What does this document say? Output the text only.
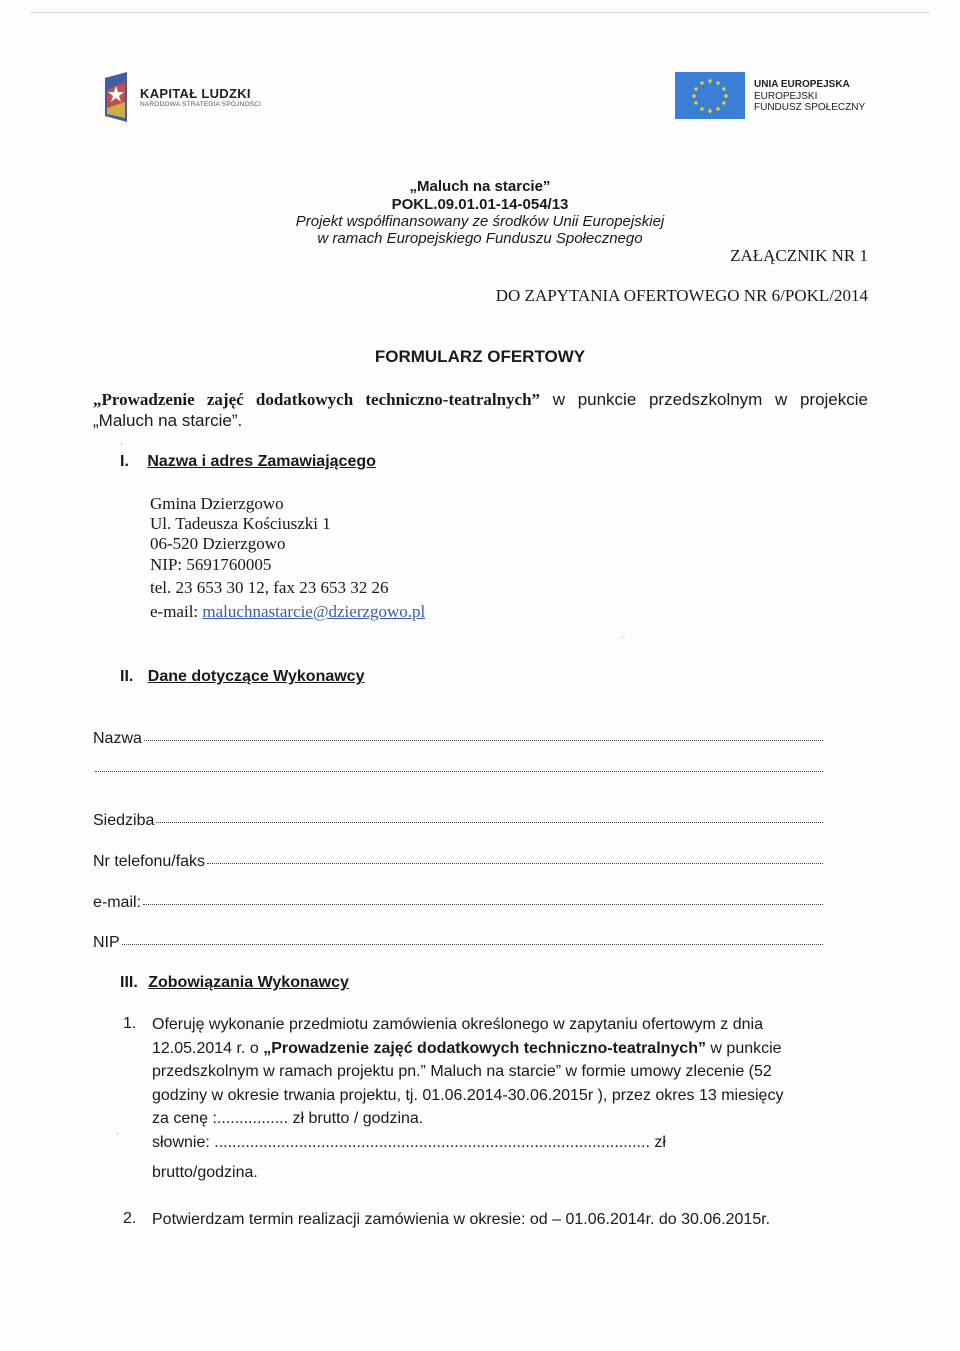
KAPITAŁ LUDZKI
NARODOWA STRATEGIA SPÓJNOŚCI
UNIA EUROPEJSKA
EUROPEJSKI
FUNDUSZ SPOŁECZNY
„Maluch na starcie”
POKL.09.01.01-14-054/13
Projekt współfinansowany ze środków Unii Europejskiej
w ramach Europejskiego Funduszu Społecznego
ZAŁĄCZNIK NR 1
DO ZAPYTANIA OFERTOWEGO NR 6/POKL/2014
FORMULARZ OFERTOWY
„Prowadzenie zajęć dodatkowych techniczno-teatralnych” w punkcie przedszkolnym w projekcie „Maluch na starcie”.
I. Nazwa i adres Zamawiającego
Gmina Dzierzgowo
Ul. Tadeusza Kościuszki 1
06-520 Dzierzgowo
NIP: 5691760005
tel. 23 653 30 12, fax 23 653 32 26
e-mail: maluchnastarcie@dzierzgowo.pl
II. Dane dotyczące Wykonawcy
Nazwa
Siedziba
Nr telefonu/faks
e-mail:
NIP
III. Zobowiązania Wykonawcy
1. Oferuję wykonanie przedmiotu zamówienia określonego w zapytaniu ofertowym z dnia
12.05.2014 r. o „Prowadzenie zajęć dodatkowych techniczno-teatralnych” w punkcie
przedszkolnym w ramach projektu pn.” Maluch na starcie” w formie umowy zlecenie (52
godziny w okresie trwania projektu, tj. 01.06.2014-30.06.2015r ), przez okres 13 miesięcy
za cenę :................ zł brutto / godzina.
słownie: .................................................................................................. zł
brutto/godzina.
2. Potwierdzam termin realizacji zamówienia w okresie: od – 01.06.2014r. do 30.06.2015r.
,
,
.·
